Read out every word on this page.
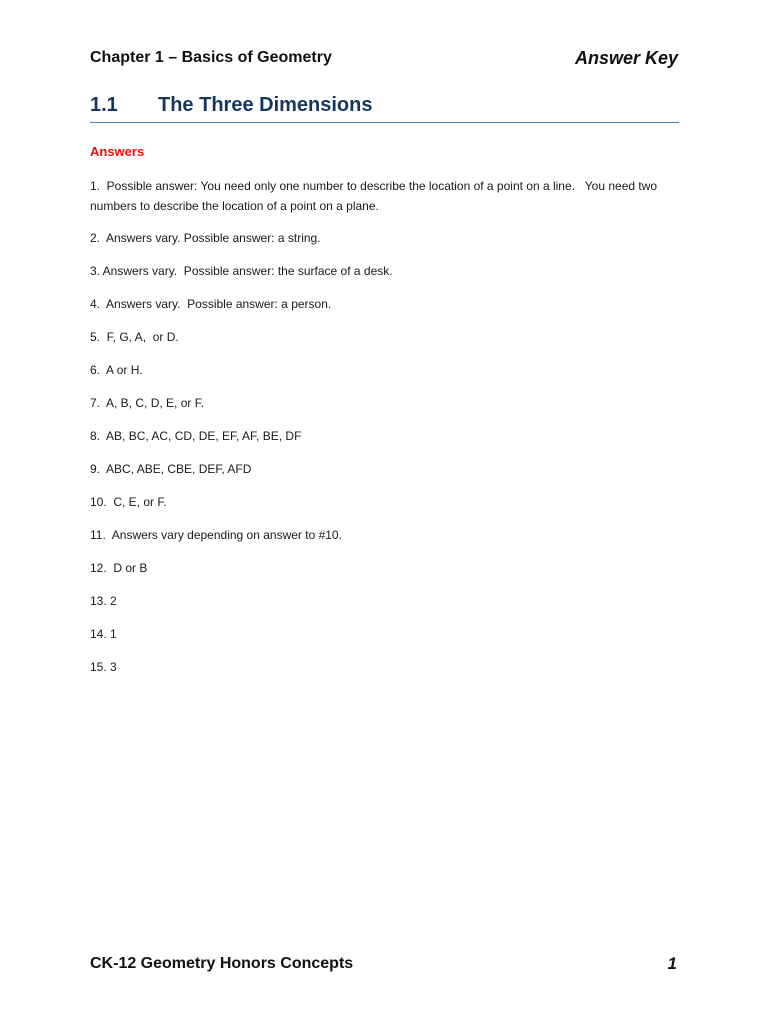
Chapter 1 – Basics of Geometry	Answer Key
1.1 The Three Dimensions
Answers
1.  Possible answer: You need only one number to describe the location of a point on a line.   You need two numbers to describe the location of a point on a plane.
2.  Answers vary. Possible answer: a string.
3. Answers vary.  Possible answer: the surface of a desk.
4.  Answers vary.  Possible answer: a person.
5.  F, G, A,  or D.
6.  A or H.
7.  A, B, C, D, E, or F.
8.  AB, BC, AC, CD, DE, EF, AF, BE, DF
9.  ABC, ABE, CBE, DEF, AFD
10.  C, E, or F.
11.  Answers vary depending on answer to #10.
12.  D or B
13. 2
14. 1
15. 3
CK-12 Geometry Honors Concepts	1
